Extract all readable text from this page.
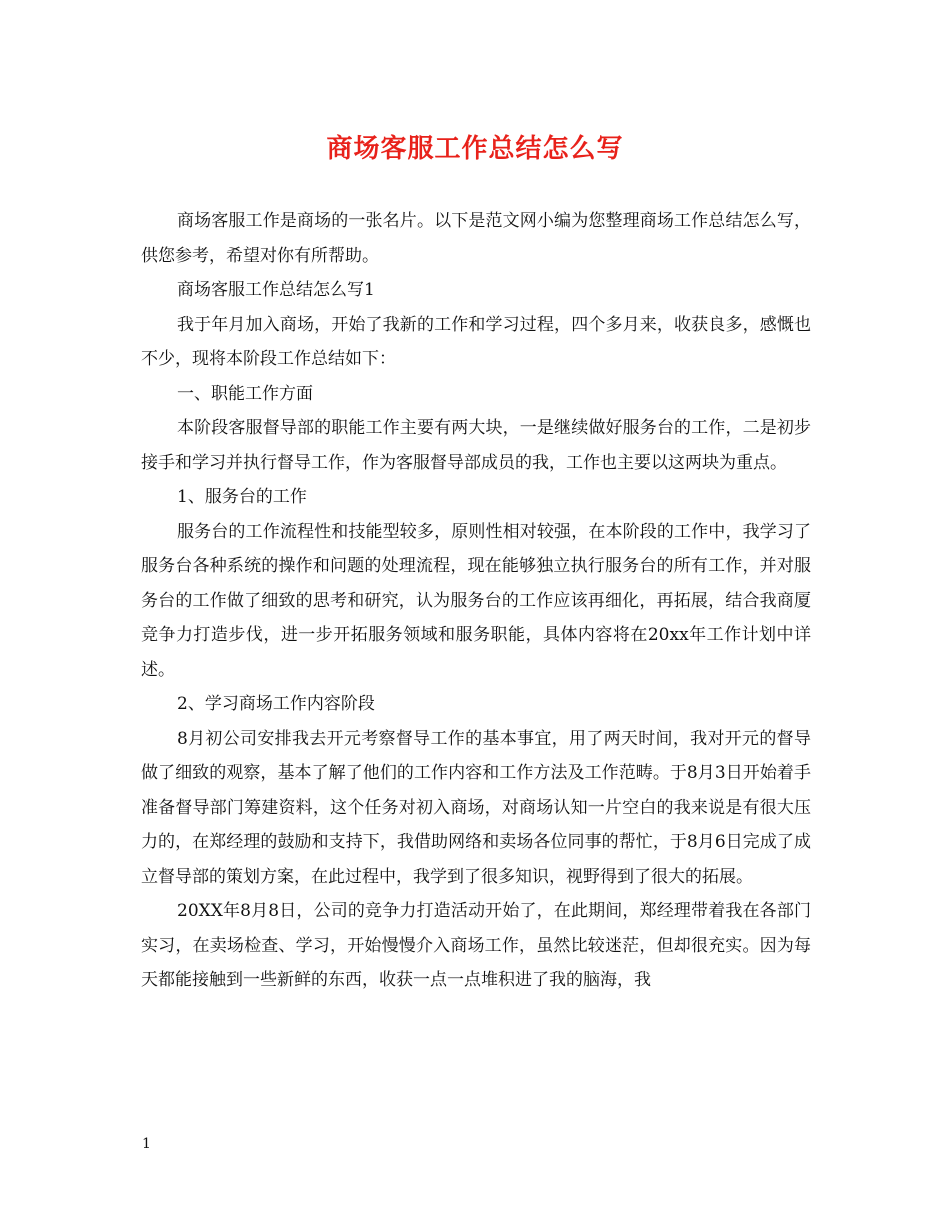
商场客服工作总结怎么写

商场客服工作是商场的一张名片。以下是范文网小编为您整理商场工作总结怎么写，供您参考，希望对你有所帮助。

商场客服工作总结怎么写1

我于年月加入商场，开始了我新的工作和学习过程，四个多月来，收获良多，感慨也不少，现将本阶段工作总结如下：

一、职能工作方面

本阶段客服督导部的职能工作主要有两大块，一是继续做好服务台的工作，二是初步接手和学习并执行督导工作，作为客服督导部成员的我，工作也主要以这两块为重点。

1、服务台的工作

服务台的工作流程性和技能型较多，原则性相对较强，在本阶段的工作中，我学习了服务台各种系统的操作和问题的处理流程，现在能够独立执行服务台的所有工作，并对服务台的工作做了细致的思考和研究，认为服务台的工作应该再细化，再拓展，结合我商厦竞争力打造步伐，进一步开拓服务领域和服务职能，具体内容将在20xx年工作计划中详述。

2、学习商场工作内容阶段

8月初公司安排我去开元考察督导工作的基本事宜，用了两天时间，我对开元的督导做了细致的观察，基本了解了他们的工作内容和工作方法及工作范畴。于8月3日开始着手准备督导部门筹建资料，这个任务对初入商场，对商场认知一片空白的我来说是有很大压力的，在郑经理的鼓励和支持下，我借助网络和卖场各位同事的帮忙，于8月6日完成了成立督导部的策划方案，在此过程中，我学到了很多知识，视野得到了很大的拓展。

20XX年8月8日，公司的竞争力打造活动开始了，在此期间，郑经理带着我在各部门实习，在卖场检查、学习，开始慢慢介入商场工作，虽然比较迷茫，但却很充实。因为每天都能接触到一些新鲜的东西，收获一点一点堆积进了我的脑海，我

1
